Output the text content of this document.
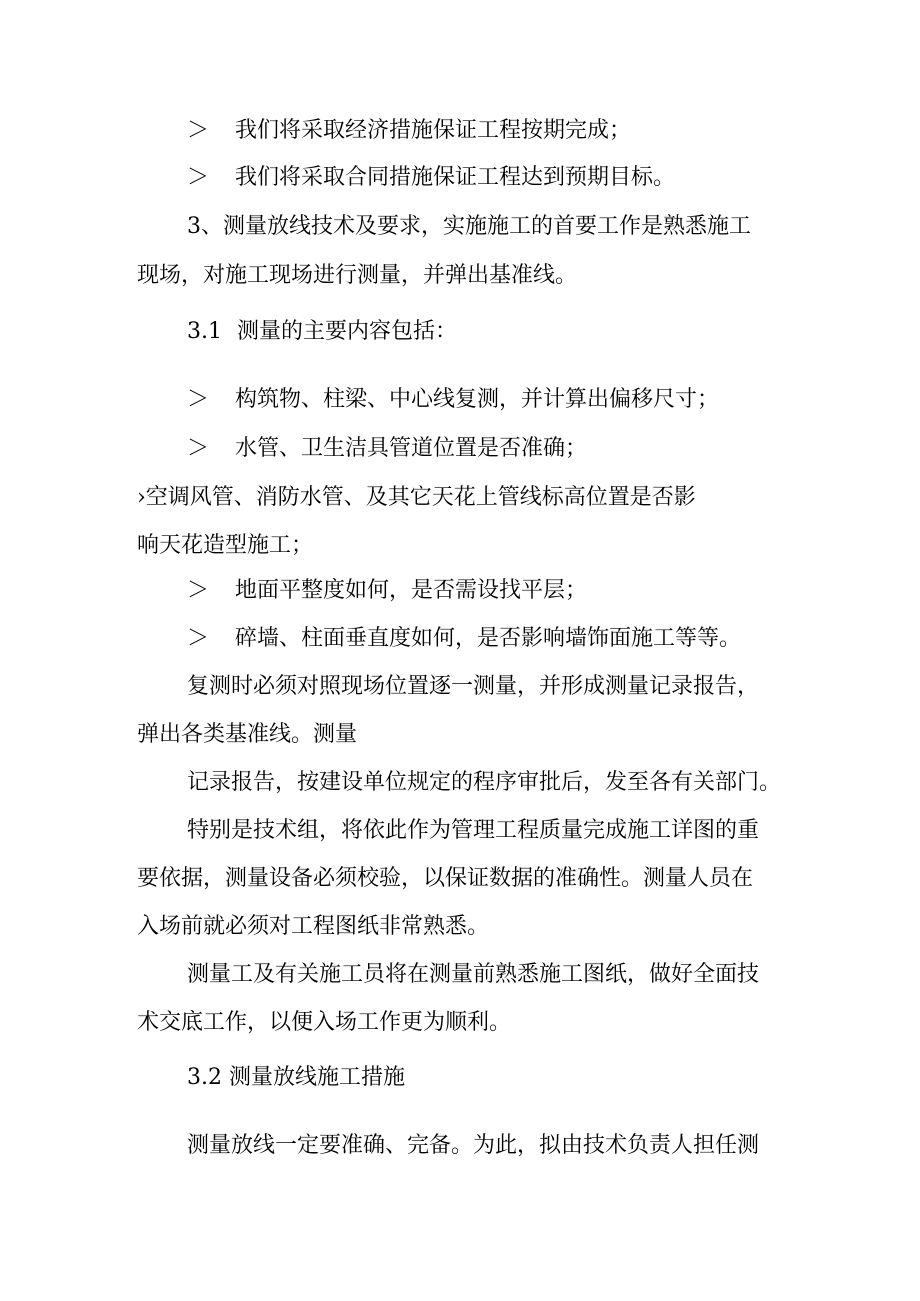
＞ 我们将采取经济措施保证工程按期完成；
＞ 我们将采取合同措施保证工程达到预期目标。
3、测量放线技术及要求，实施施工的首要工作是熟悉施工
现场，对施工现场进行测量，并弹出基准线。
3.1 测量的主要内容包括：
＞ 构筑物、柱梁、中心线复测，并计算出偏移尺寸；
＞ 水管、卫生洁具管道位置是否准确；
›空调风管、消防水管、及其它天花上管线标高位置是否影
响天花造型施工；
＞ 地面平整度如何，是否需设找平层；
＞ 碎墙、柱面垂直度如何，是否影响墙饰面施工等等。
复测时必须对照现场位置逐一测量，并形成测量记录报告，
弹出各类基准线。测量
记录报告，按建设单位规定的程序审批后，发至各有关部门。
特别是技术组，将依此作为管理工程质量完成施工详图的重
要依据，测量设备必须校验，以保证数据的准确性。测量人员在
入场前就必须对工程图纸非常熟悉。
测量工及有关施工员将在测量前熟悉施工图纸，做好全面技
术交底工作，以便入场工作更为顺利。
3.2 测量放线施工措施
测量放线一定要准确、完备。为此，拟由技术负责人担任测
